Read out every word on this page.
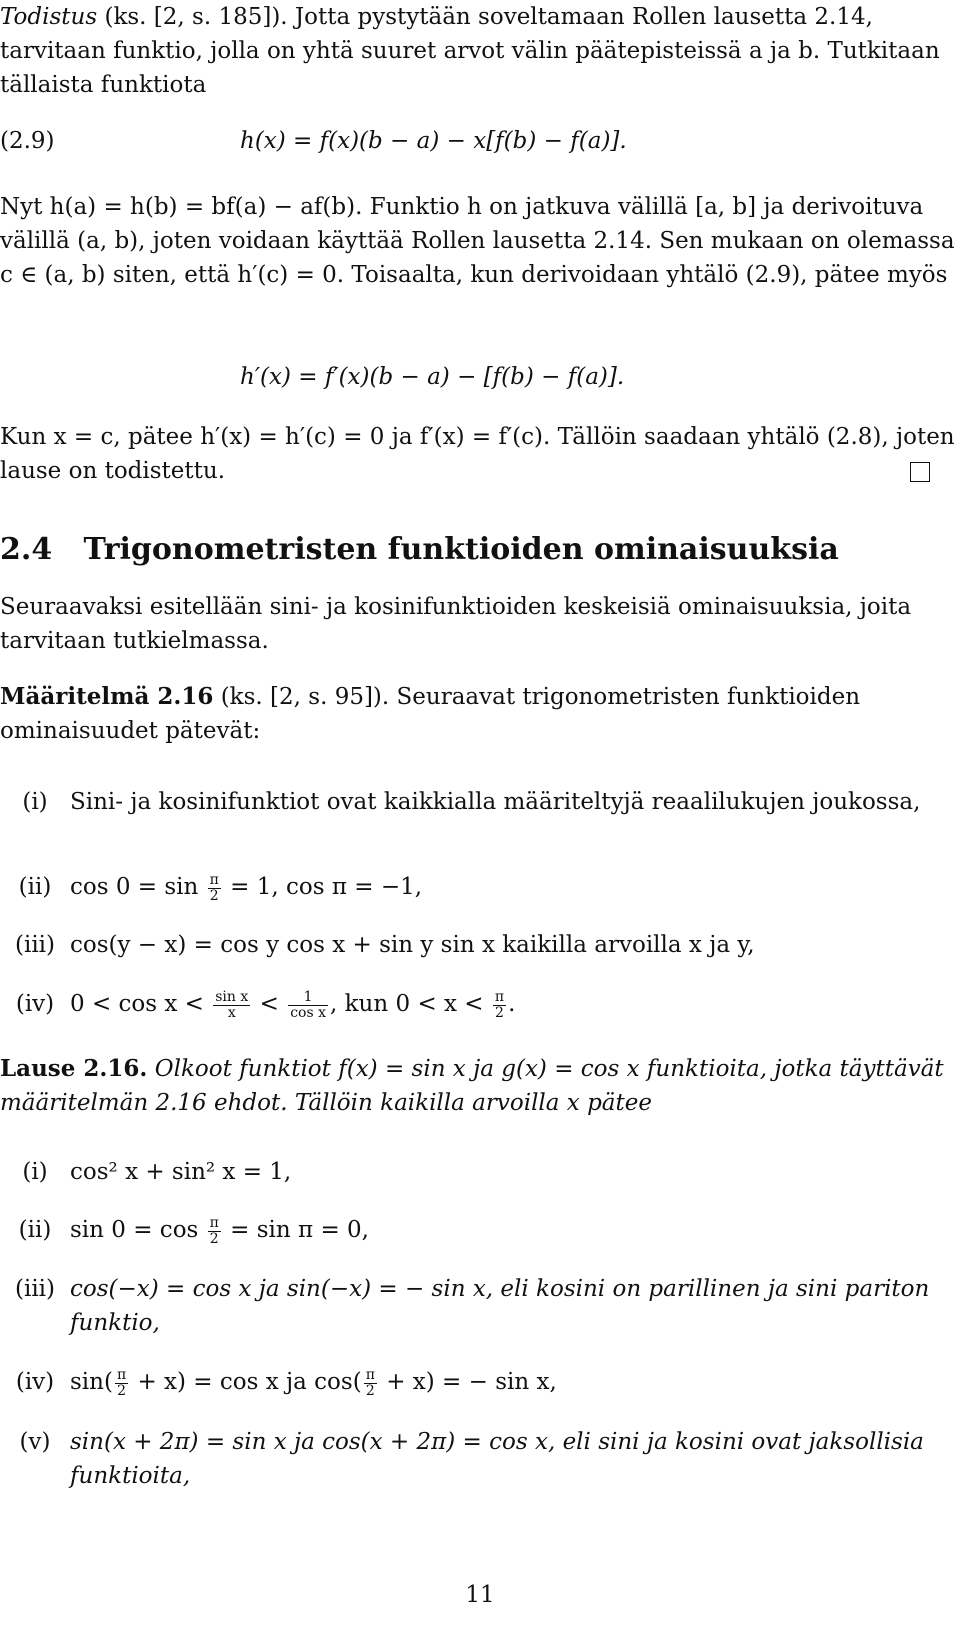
Todistus (ks. [2, s. 185]). Jotta pystytään soveltamaan Rollen lausetta 2.14, tarvitaan funktio, jolla on yhtä suuret arvot välin päätepisteissä a ja b. Tutkitaan tällaista funktiota
(2.9)	h(x) = f(x)(b − a) − x[f(b) − f(a)].
Nyt h(a) = h(b) = bf(a) − af(b). Funktio h on jatkuva välillä [a, b] ja derivoituva välillä (a, b), joten voidaan käyttää Rollen lausetta 2.14. Sen mukaan on olemassa c ∈ (a, b) siten, että h′(c) = 0. Toisaalta, kun derivoidaan yhtälö (2.9), pätee myös
h′(x) = f′(x)(b − a) − [f(b) − f(a)].
Kun x = c, pätee h′(x) = h′(c) = 0 ja f′(x) = f′(c). Tällöin saadaan yhtälö (2.8), joten lause on todistettu.
2.4 Trigonometristen funktioiden ominaisuuksia
Seuraavaksi esitellään sini- ja kosinifunktioiden keskeisiä ominaisuuksia, joita tarvitaan tutkielmassa.
Määritelmä 2.16 (ks. [2, s. 95]). Seuraavat trigonometristen funktioiden ominaisuudet pätevät:
(i) Sini- ja kosinifunktiot ovat kaikkialla määriteltyjä reaalilukujen joukossa,
(ii) $\cos 0 = \sin \frac{\pi}{2} = 1$, cos π = −1,
(iii) cos(y − x) = cos y cos x + sin y sin x kaikilla arvoilla x ja y,
(iv) $0 < \cos x < \frac{\text{sin x}}{x} < \frac{1}{\text{cos x}}$ , kun $0 < x < \frac{\pi}{2}$ .
Lause 2.16. Olkoot funktiot f(x) = sin x ja g(x) = cos x funktioita, jotka täyttävät määritelmän 2.16 ehdot. Tällöin kaikilla arvoilla x pätee
(i) cos² x + sin² x = 1,
(ii) $\sin 0 = \cos \frac{\pi}{2} = \sin \pi = 0$,
(iii) cos(−x) = cos x ja sin(−x) = − sin x, eli kosini on parillinen ja sini pariton funktio,
(iv) $\sin( \frac{\pi}{2} + x) = \cos x$ ja $\cos( \frac{\pi}{2} + x)$ = − sin x,
(v) sin(x + 2π) = sin x ja cos(x + 2π) = cos x, eli sini ja kosini ovat jaksollisia funktioita,
11
